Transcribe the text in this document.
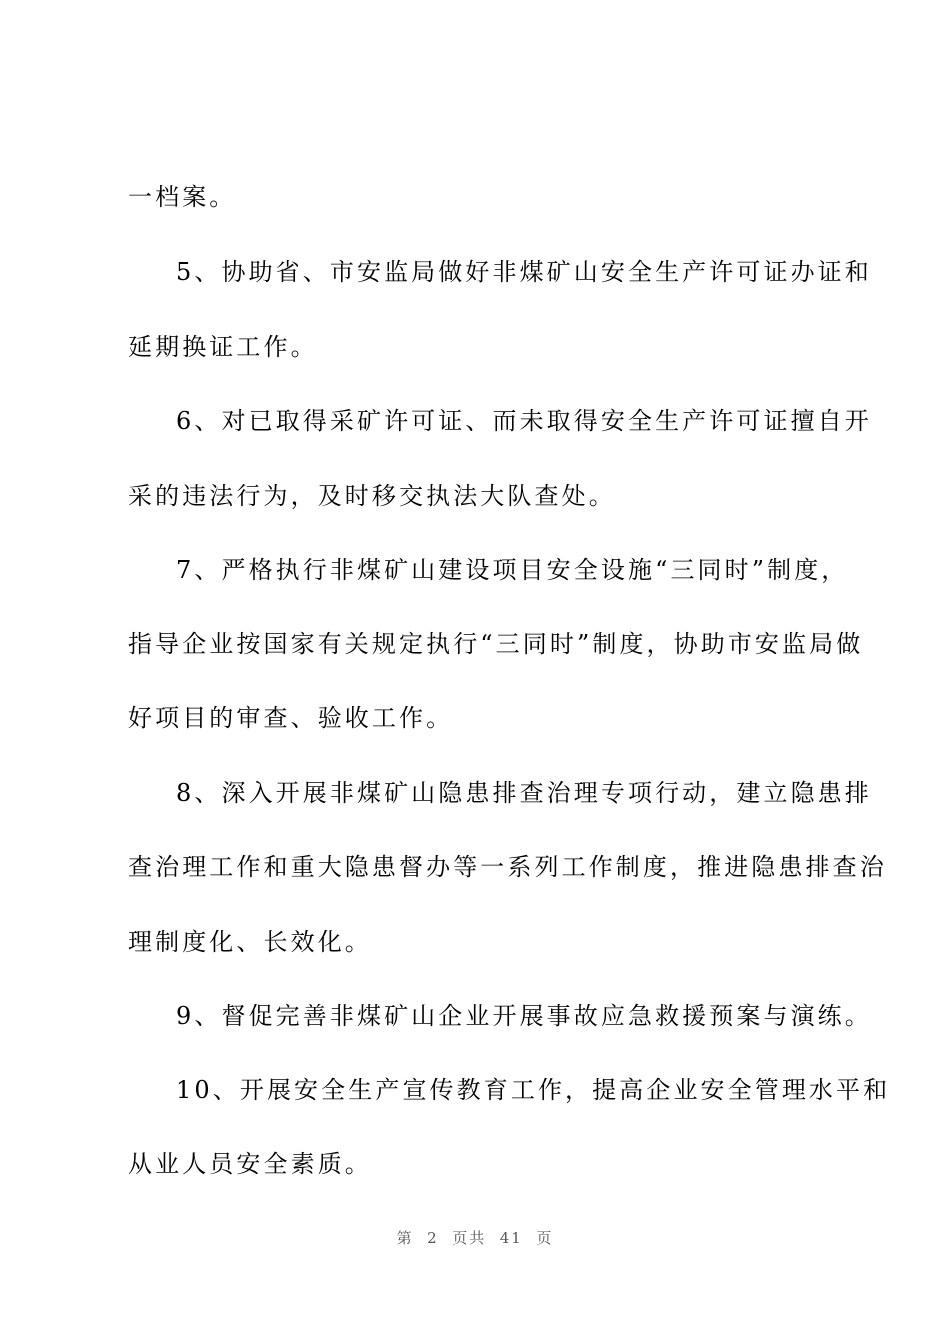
一档案。
5、协助省、市安监局做好非煤矿山安全生产许可证办证和
延期换证工作。
6、对已取得采矿许可证、而未取得安全生产许可证擅自开
采的违法行为，及时移交执法大队查处。
7、严格执行非煤矿山建设项目安全设施“三同时”制度，
指导企业按国家有关规定执行“三同时”制度，协助市安监局做
好项目的审查、验收工作。
8、深入开展非煤矿山隐患排查治理专项行动，建立隐患排
查治理工作和重大隐患督办等一系列工作制度，推进隐患排查治
理制度化、长效化。
9、督促完善非煤矿山企业开展事故应急救援预案与演练。
10、开展安全生产宣传教育工作，提高企业安全管理水平和
从业人员安全素质。
第  2  页共  41  页
